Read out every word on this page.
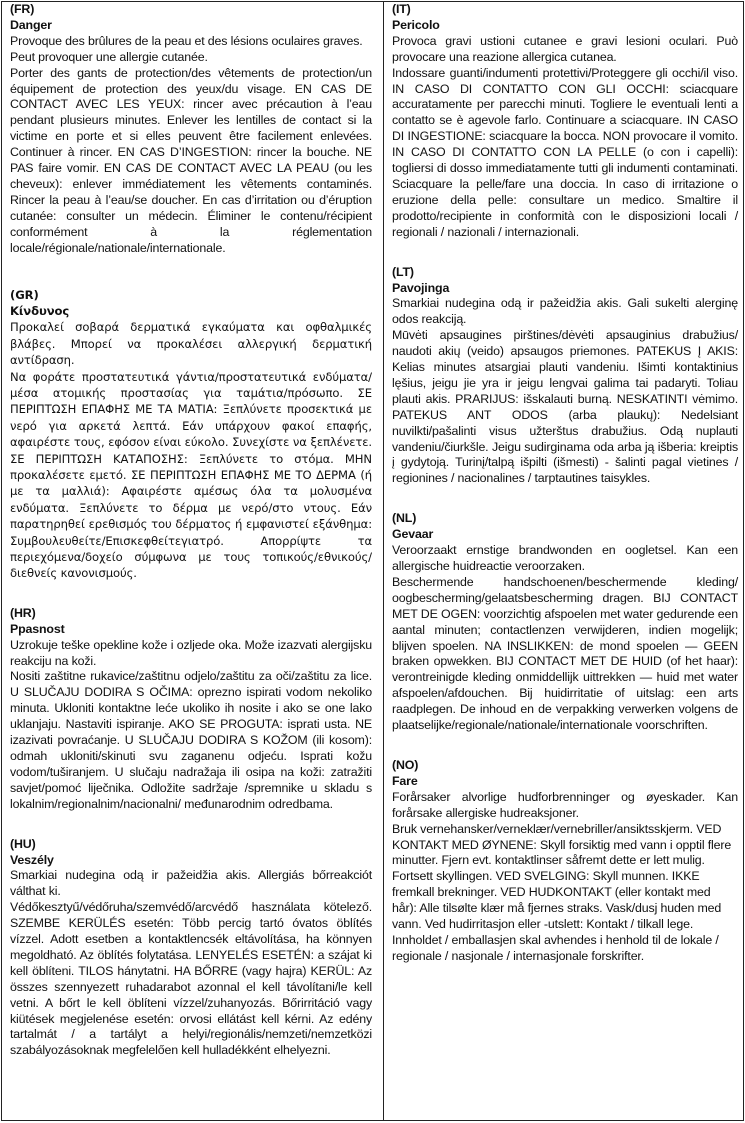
(FR)
Danger

Provoque des brûlures de la peau et des lésions oculaires graves. Peut provoquer une allergie cutanée.

Porter des gants de protection/des vêtements de protection/un équipement de protection des yeux/du visage. EN CAS DE CONTACT AVEC LES YEUX: rincer avec précaution à l’eau pendant plusieurs minutes. Enlever les lentilles de contact si la victime en porte et si elles peuvent être facilement enlevées. Continuer à rincer. EN CAS D’INGESTION: rincer la bouche. NE PAS faire vomir. EN CAS DE CONTACT AVEC LA PEAU (ou les cheveux): enlever immédiatement les vêtements contaminés. Rincer la peau à l’eau/se doucher. En cas d’irritation ou d’éruption cutanée: consulter un médecin. Éliminer le contenu/récipient conformément à la réglementation locale/régionale/nationale/internationale.

(GR)
Κίνδυνος

Προκαλεί σοβαρά δερματικά εγκαύματα και οφθαλμικές βλάβες. Μπορεί να προκαλέσει αλλεργική δερματική αντίδραση.

Να φοράτε προστατευτικά γάντια/προστατευτικά ενδύματα/μέσα ατομικής προστασίας για ταμάτια/πρόσωπο. ΣΕ ΠΕΡΙΠΤΩΣΗ ΕΠΑΦΗΣ ΜΕ ΤΑ ΜΑΤΙΑ: Ξεπλύνετε προσεκτικά με νερό για αρκετά λεπτά. Εάν υπάρχουν φακοί επαφής, αφαιρέστε τους, εφόσον είναι εύκολο. Συνεχίστε να ξεπλένετε. ΣΕ ΠΕΡΙΠΤΩΣΗ ΚΑΤΑΠΟΣΗΣ: Ξεπλύνετε το στόμα. ΜΗΝ προκαλέσετε εμετό. ΣΕ ΠΕΡΙΠΤΩΣΗ ΕΠΑΦΗΣ ΜΕ ΤΟ ΔΕΡΜΑ (ή με τα μαλλιά): Αφαιρέστε αμέσως όλα τα μολυσμένα ενδύματα. Ξεπλύνετε το δέρμα με νερό/στο ντους. Εάν παρατηρηθεί ερεθισμός του δέρματος ή εμφανιστεί εξάνθημα: Συμβουλευθείτε/Επισκεφθείτεγιατρό. Απορρίψτε τα περιεχόμενα/δοχείο σύμφωνα με τους τοπικούς/εθνικούς/διεθνείς κανονισμούς.

(HR)
Ppasnost

Uzrokuje teške opekline kože i ozljede oka. Može izazvati alergijsku reakciju na koži.

Nositi zaštitne rukavice/zaštitnu odjelo/zaštitu za oči/zaštitu za lice. U SLUČAJU DODIRA S OČIMA: oprezno ispirati vodom nekoliko minuta. Ukloniti kontaktne leće ukoliko ih nosite i ako se one lako uklanjaju. Nastaviti ispiranje. AKO SE PROGUTA: isprati usta. NE izazivati povraćanje. U SLUČAJU DODIRA S KOŽOM (ili kosom): odmah ukloniti/skinuti svu zaganenu odjeću. Isprati kožu vodom/tuširanjem. U slučaju nadražaja ili osipa na koži: zatražiti savjet/pomoć liječnika. Odložite sadržaje /spremnike u skladu s lokalnim/regionalnim/nacionalni/ međunarodnim odredbama.

(HU)
Veszély

Smarkiai nudegina odą ir pažeidžia akis. Allergiás bőrreakciót válthat ki.

Védőkesztyű/védőruha/szemvédő/arcvédő használata kötelező. SZEMBE KERÜLÉS esetén: Több percig tartó óvatos öblítés vízzel. Adott esetben a kontaktlencsék eltávolítása, ha könnyen megoldható. Az öblítés folytatása. LENYELÉS ESETÉN: a szájat ki kell öblíteni. TILOS hánytatni. HA BŐRRE (vagy hajra) KERÜL: Az összes szennyezett ruhadarabot azonnal el kell távolítani/le kell vetni. A bőrt le kell öblíteni vízzel/zuhanyozás. Bőrirritáció vagy kiütések megjelenése esetén: orvosi ellátást kell kérni. Az edény tartalmát / a tartályt a helyi/regionális/nemzeti/nemzetközi szabályozásoknak megfelelően kell hulladékként elhelyezni.

(IT)
Pericolo

Provoca gravi ustioni cutanee e gravi lesioni oculari. Può provocare una reazione allergica cutanea.

Indossare guanti/indumenti protettivi/Proteggere gli occhi/il viso. IN CASO DI CONTATTO CON GLI OCCHI: sciacquare accuratamente per parecchi minuti. Togliere le eventuali lenti a contatto se è agevole farlo. Continuare a sciacquare. IN CASO DI INGESTIONE: sciacquare la bocca. NON provocare il vomito. IN CASO DI CONTATTO CON LA PELLE (o con i capelli): togliersi di dosso immediatamente tutti gli indumenti contaminati. Sciacquare la pelle/fare una doccia. In caso di irritazione o eruzione della pelle: consultare un medico. Smaltire il prodotto/recipiente in conformità con le disposizioni locali / regionali / nazionali / internazionali.

(LT)
Pavojinga

Smarkiai nudegina odą ir pažeidžia akis. Gali sukelti alerginę odos reakciją.

Mūvėti apsaugines pirštines/dėvėti apsauginius drabužius/ naudoti akių (veido) apsaugos priemones. PATEKUS Į AKIS: Kelias minutes atsargiai plauti vandeniu. Išimti kontaktinius lęšius, jeigu jie yra ir jeigu lengvai galima tai padaryti. Toliau plauti akis. PRARIJUS: išskalauti burną. NESKATINTI vėmimo. PATEKUS ANT ODOS (arba plaukų): Nedelsiant nuvilkti/pašalinti visus užterštus drabužius. Odą nuplauti vandeniu/čiurkšle. Jeigu sudirginama oda arba ją išberia: kreiptis į gydytoją. Turinį/talpą išpilti (išmesti) - šalinti pagal vietines / regionines / nacionalines / tarptautines taisykles.

(NL)
Gevaar

Veroorzaakt ernstige brandwonden en oogletsel. Kan een allergische huidreactie veroorzaken.

Beschermende handschoenen/beschermende kleding/ oogbescherming/gelaatsbescherming dragen. BIJ CONTACT MET DE OGEN: voorzichtig afspoelen met water gedurende een aantal minuten; contactlenzen verwijderen, indien mogelijk; blijven spoelen. NA INSLIKKEN: de mond spoelen — GEEN braken opwekken. BIJ CONTACT MET DE HUID (of het haar): verontreinigde kleding onmiddellijk uittrekken — huid met water afspoelen/afdouchen. Bij huidirritatie of uitslag: een arts raadplegen. De inhoud en de verpakking verwerken volgens de plaatselijke/regionale/nationale/internationale voorschriften.

(NO)
Fare

Forårsaker alvorlige hudforbrenninger og øyeskader. Kan forårsake allergiske hudreaksjoner.

Bruk vernehansker/verneklær/vernebriller/ansiktsskjerm. VED KONTAKT MED ØYNENE: Skyll forsiktig med vann i opptil flere minutter. Fjern evt. kontaktlinser såfremt dette er lett mulig. Fortsett skyllingen. VED SVELGING: Skyll munnen. IKKE fremkall brekninger. VED HUDKONTAKT (eller kontakt med hår): Alle tilsølte klær må fjernes straks. Vask/dusj huden med vann. Ved hudirritasjon eller -utslett: Kontakt / tilkall lege. Innholdet / emballasjen skal avhendes i henhold til de lokale / regionale / nasjonale / internasjonale forskrifter.
